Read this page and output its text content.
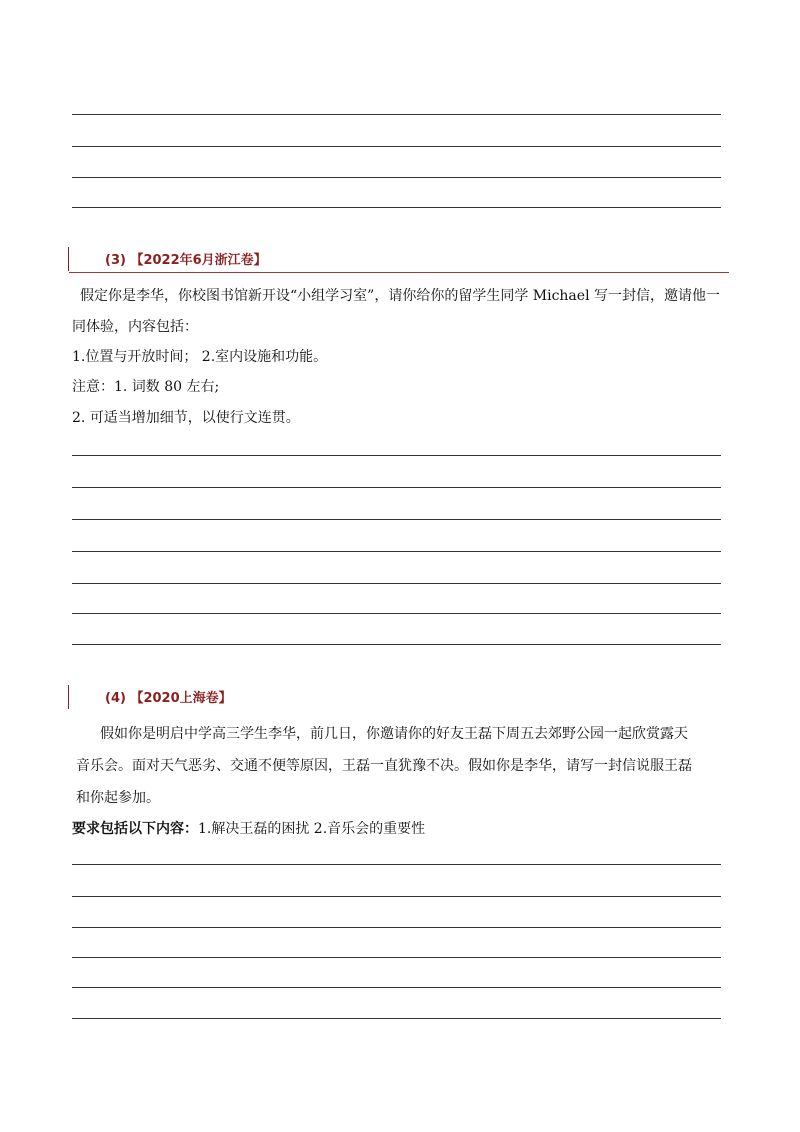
(3) 【2022年6月浙江卷】
假定你是李华，你校图书馆新开设“小组学习室”，请你给你的留学生同学 Michael 写一封信，邀请他一
同体验，内容包括：
1.位置与开放时间； 2.室内设施和功能。
注意：1. 词数 80 左右;
2. 可适当增加细节，以使行文连贯。
(4) 【2020上海卷】
假如你是明启中学高三学生李华，前几日，你邀请你的好友王磊下周五去郊野公园一起欣赏露天
音乐会。面对天气恶劣、交通不便等原因，王磊一直犹豫不决。假如你是李华，请写一封信说服王磊
和你起参加。
要求包括以下内容：1.解决王磊的困扰 2.音乐会的重要性
